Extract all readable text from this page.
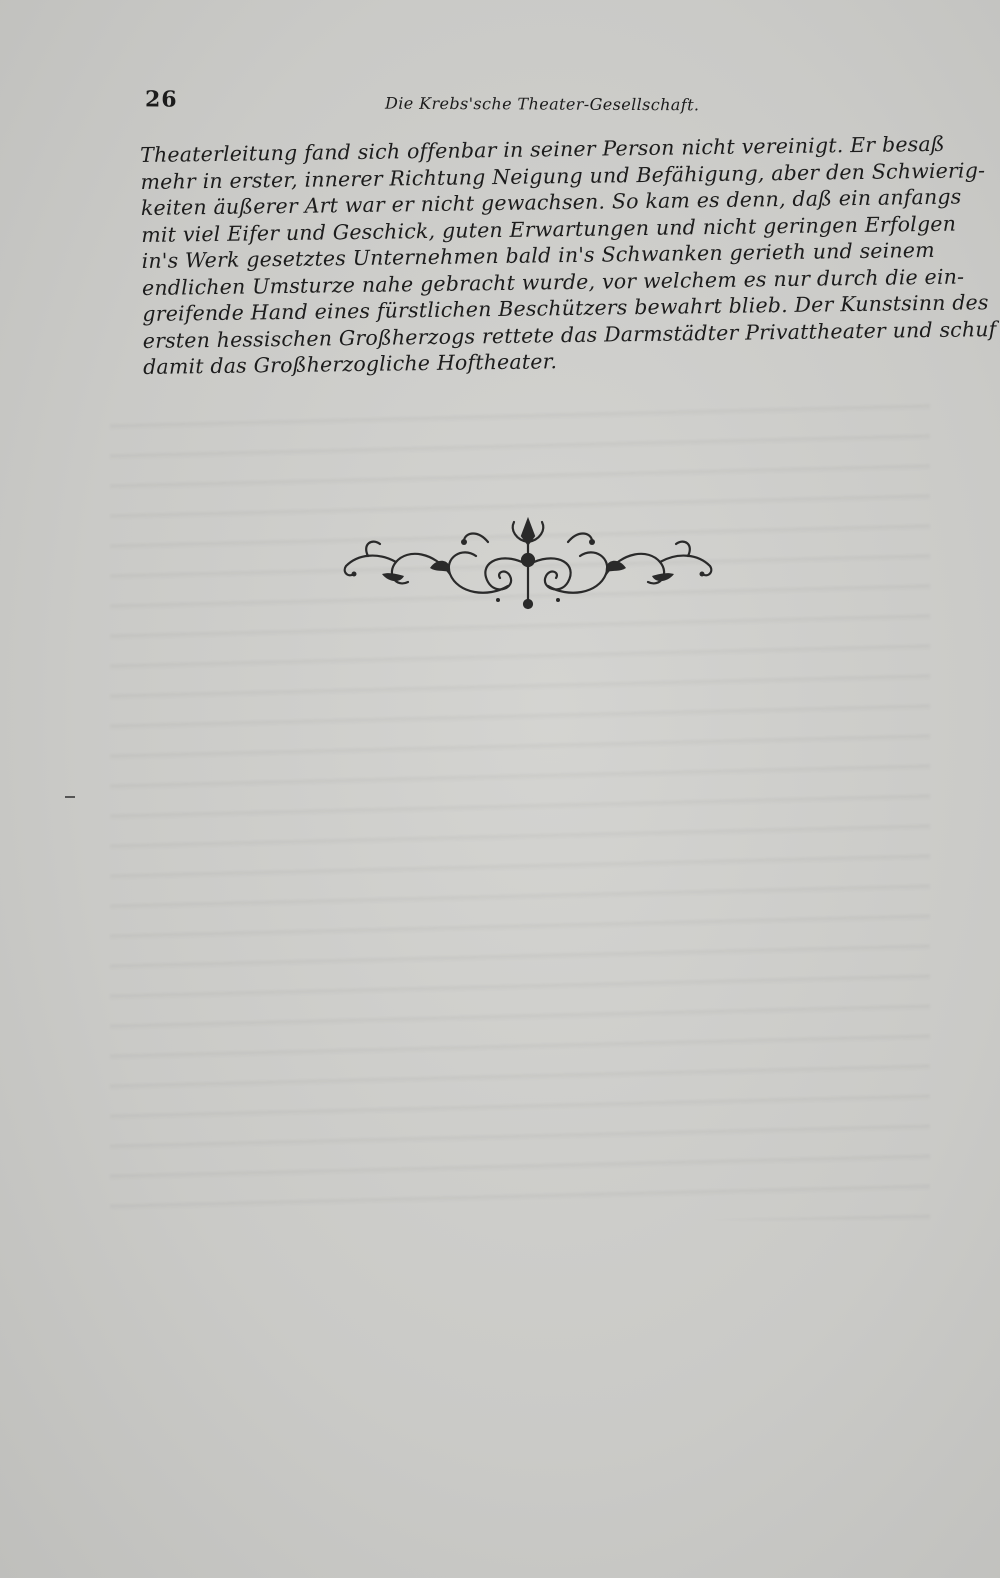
26	Die Krebs'sche Theater-Gesellschaft.
Theaterleitung fand sich offenbar in seiner Person nicht vereinigt. Er besaß
mehr in erster, innerer Richtung Neigung und Befähigung, aber den Schwierig-
keiten äußerer Art war er nicht gewachsen. So kam es denn, daß ein anfangs
mit viel Eifer und Geschick, guten Erwartungen und nicht geringen Erfolgen
in's Werk gesetztes Unternehmen bald in's Schwanken gerieth und seinem
endlichen Umsturze nahe gebracht wurde, vor welchem es nur durch die ein-
greifende Hand eines fürstlichen Beschützers bewahrt blieb. Der Kunstsinn des
ersten hessischen Großherzogs rettete das Darmstädter Privattheater und schuf
damit das Großherzogliche Hoftheater.
